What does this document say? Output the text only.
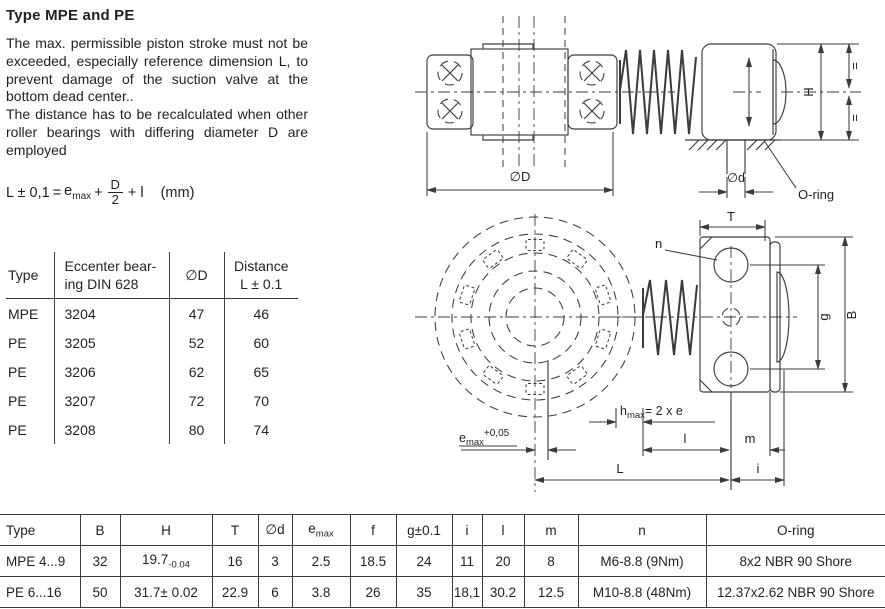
Type MPE and PE

The max. permissible piston stroke must not be exceeded, especially reference dimension L, to prevent damage of the suction valve at the bottom dead center..

The distance has to be recalculated when other roller bearings with differing diameter D are employed

$L \pm 0,1 = e_{max} + \frac{D}{2} + l$ (mm)
Type	Eccenter bear-
ing DIN 628	∅D	Distance
L ± 0.1
MPE	3204	47	46
PE	3205	52	60
PE	3206	62	65
PE	3207	72	70
PE	3208	80	74
∅D	∅d
H
=
=
O-ring
n
T
g B
$h_{max}= 2$ x e
$e_{max}^{+0,05}$	l	m
L	i
Type	B	H	T	∅d	$e_{max}$	f	g±0.1	i	l	m	n	O-ring
MPE 4...9	32	$19.7_{-0.04}$	16	3	2.5	18.5	24	11	20	8	M6-8.8 (9Nm)	8x2 NBR 90 Shore
PE 6...16	50	31.7± 0.02	22.9	6	3.8	26	35	18,1	30.2	12.5	M10-8.8 (48Nm)	12.37x2.62 NBR 90 Shore
